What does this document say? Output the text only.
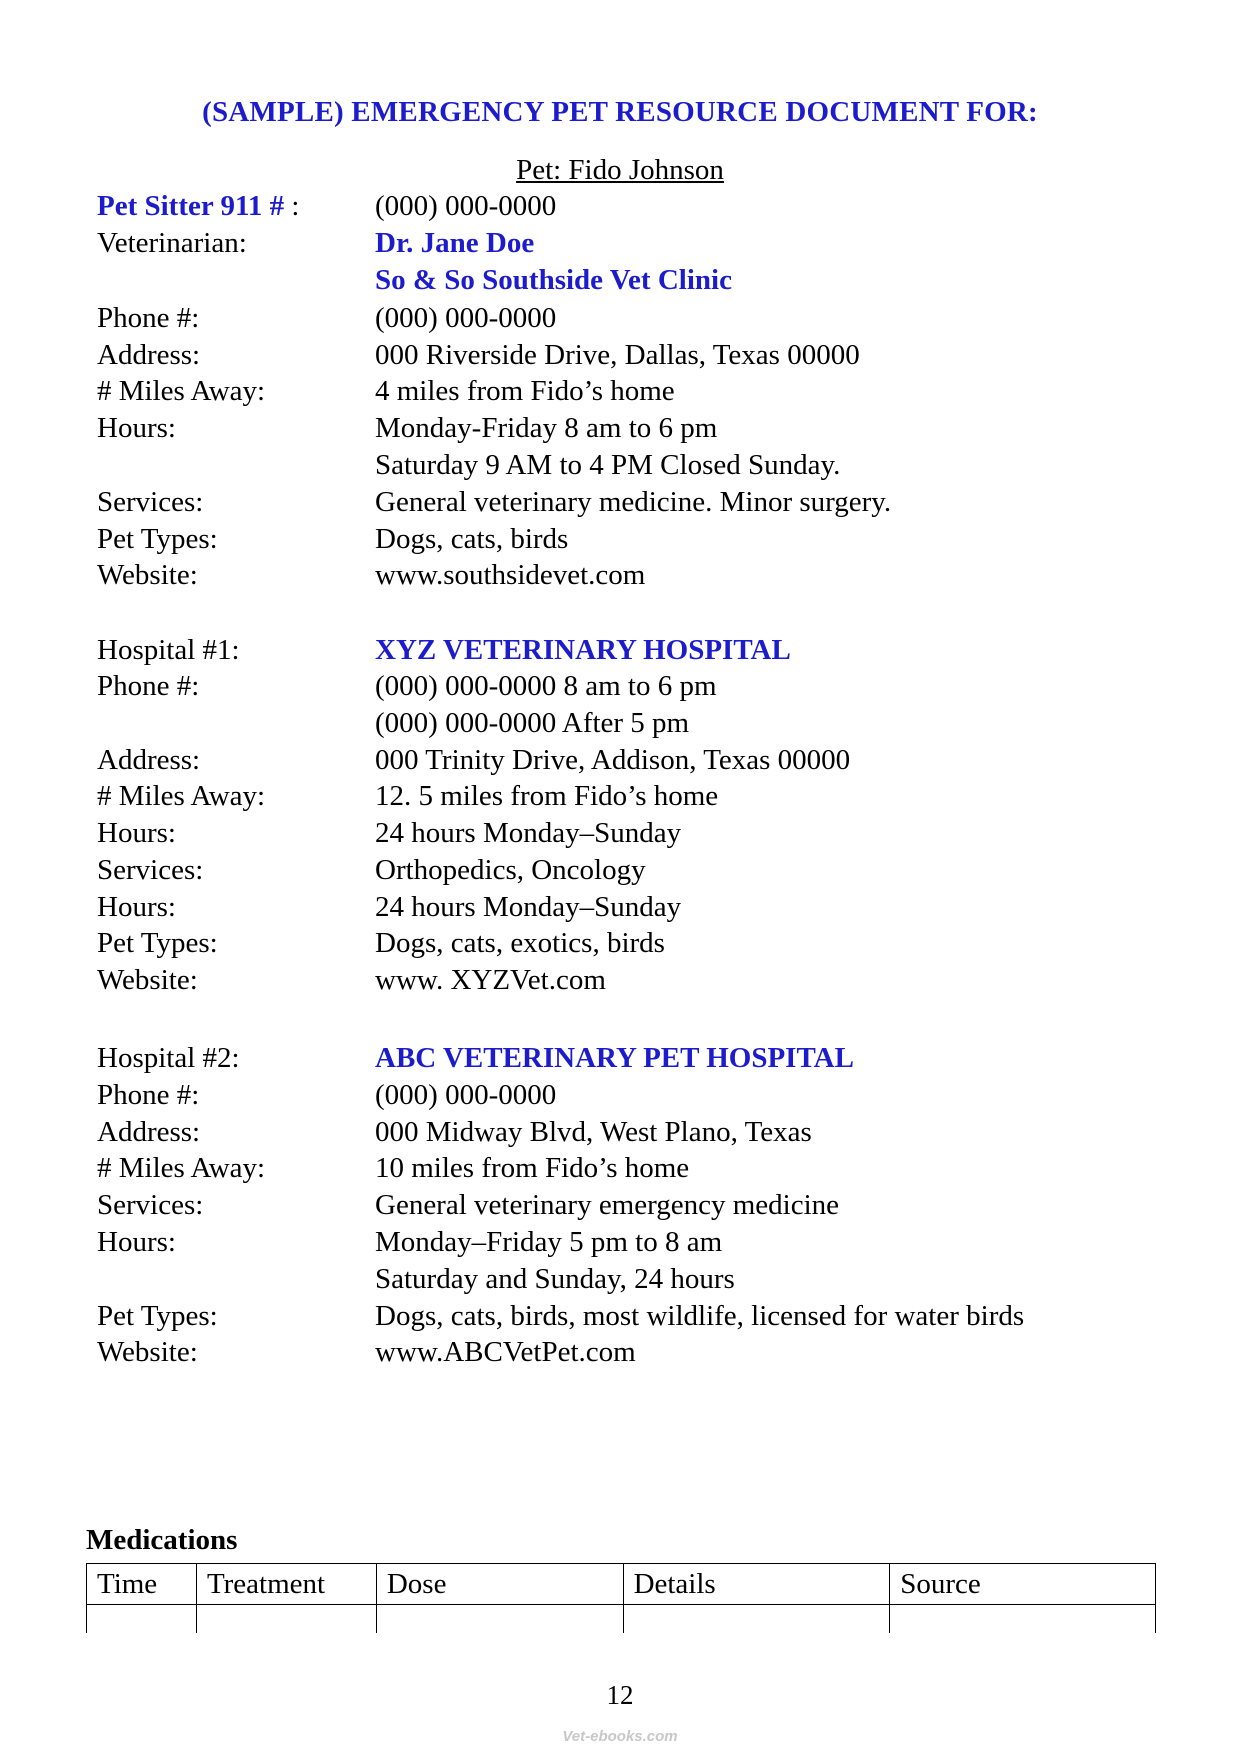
(SAMPLE) EMERGENCY PET RESOURCE DOCUMENT FOR:
Pet: Fido Johnson
Pet Sitter 911 # :	(000) 000-0000
Veterinarian:	Dr. Jane Doe
So & So Southside Vet Clinic
Phone #:	(000) 000-0000
Address:	000 Riverside Drive, Dallas, Texas 00000
# Miles Away:	4 miles from Fido’s home
Hours:	Monday-Friday 8 am to 6 pm
Saturday 9 AM to 4 PM Closed Sunday.
Services:	General veterinary medicine. Minor surgery.
Pet Types:	Dogs, cats, birds
Website:	www.southsidevet.com
Hospital #1:	XYZ VETERINARY HOSPITAL
Phone #:	(000) 000-0000 8 am to 6 pm
(000) 000-0000 After 5 pm
Address:	000 Trinity Drive, Addison, Texas 00000
# Miles Away:	12. 5 miles from Fido’s home
Hours:	24 hours Monday–Sunday
Services:	Orthopedics, Oncology
Hours:	24 hours Monday–Sunday
Pet Types:	Dogs, cats, exotics, birds
Website:	www. XYZVet.com
Hospital #2:	ABC VETERINARY PET HOSPITAL
Phone #:	(000) 000-0000
Address:	000 Midway Blvd, West Plano, Texas
# Miles Away:	10 miles from Fido’s home
Services:	General veterinary emergency medicine
Hours:	Monday–Friday 5 pm to 8 am
Saturday and Sunday, 24 hours
Pet Types:	Dogs, cats, birds, most wildlife, licensed for water birds
Website:	www.ABCVetPet.com
Medications
Time	Treatment	Dose	Details	Source

12
Vet-ebooks.com
